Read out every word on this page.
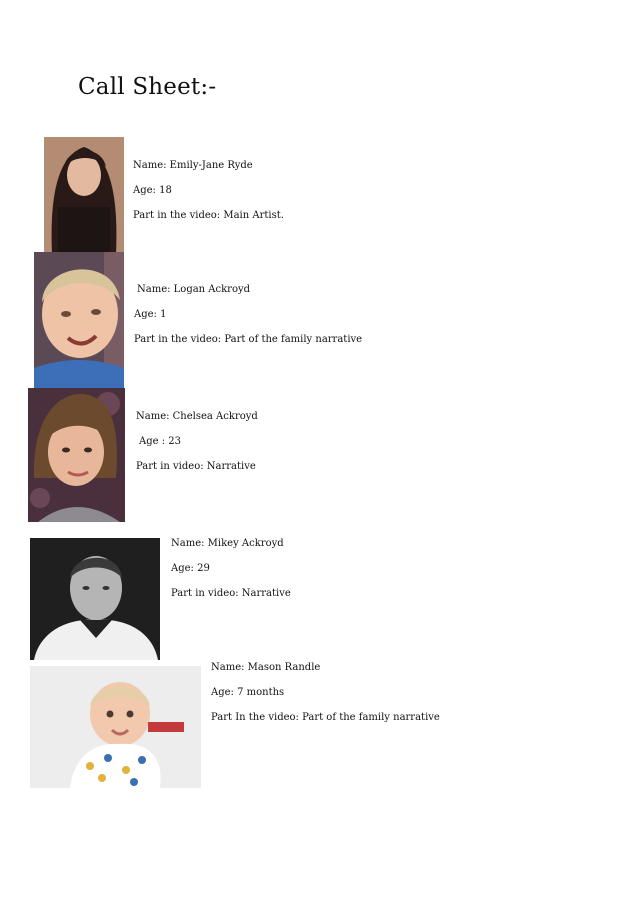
Call Sheet:-
Name: Emily-Jane Ryde
Age: 18
Part in the video: Main Artist.
Name: Logan Ackroyd
Age: 1
Part in the video: Part of the family narrative
Name: Chelsea Ackroyd
Age : 23
Part in video: Narrative
Name: Mikey Ackroyd
Age: 29
Part in video: Narrative
Name: Mason Randle
Age: 7 months
Part In the video: Part of the family narrative
